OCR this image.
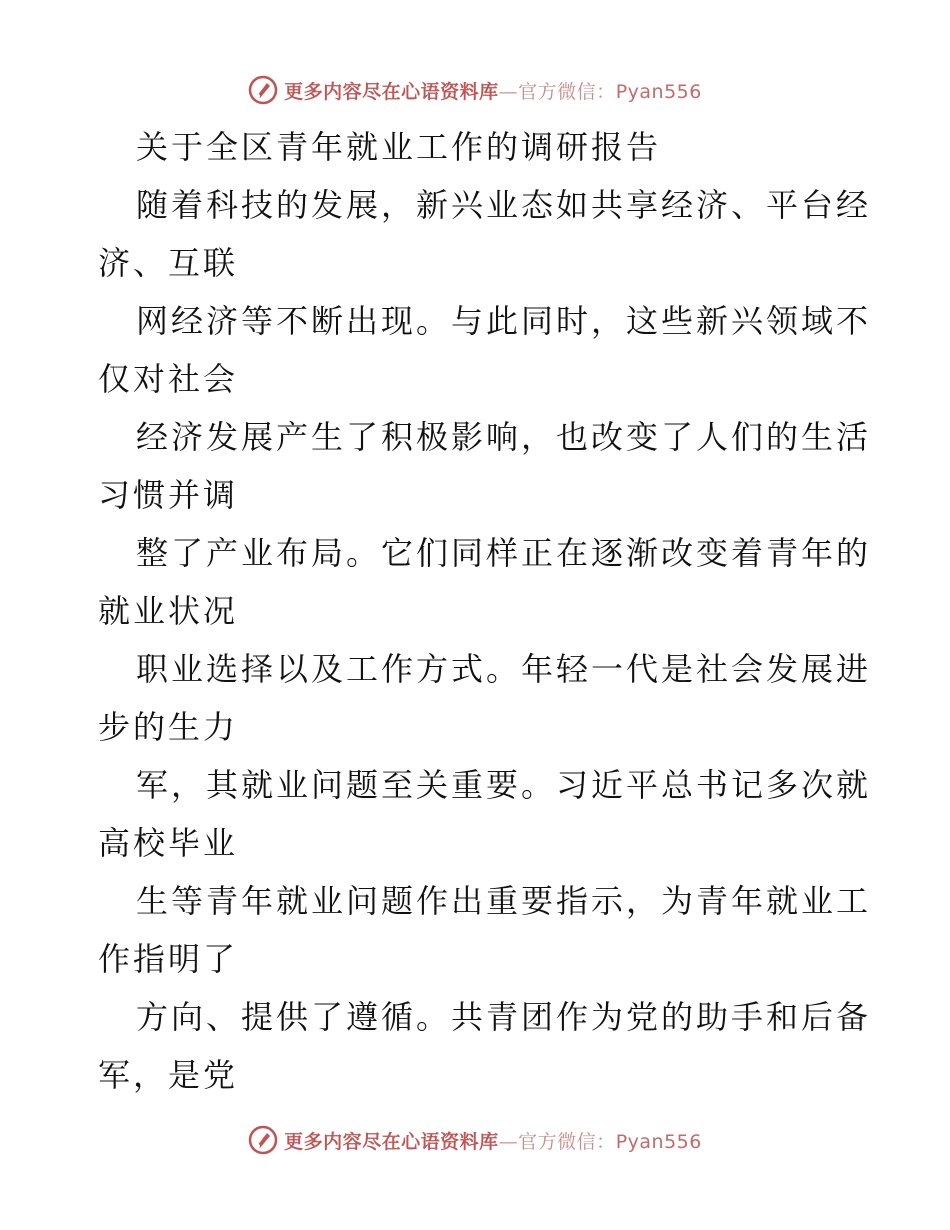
更多内容尽在心语资料库—官方微信：Pyan556
关于全区青年就业工作的调研报告
随着科技的发展，新兴业态如共享经济、平台经
济、互联
网经济等不断出现。与此同时，这些新兴领域不
仅对社会
经济发展产生了积极影响，也改变了人们的生活
习惯并调
整了产业布局。它们同样正在逐渐改变着青年的
就业状况
职业选择以及工作方式。年轻一代是社会发展进
步的生力
军，其就业问题至关重要。习近平总书记多次就
高校毕业
生等青年就业问题作出重要指示，为青年就业工
作指明了
方向、提供了遵循。共青团作为党的助手和后备
军，是党
更多内容尽在心语资料库—官方微信：Pyan556
